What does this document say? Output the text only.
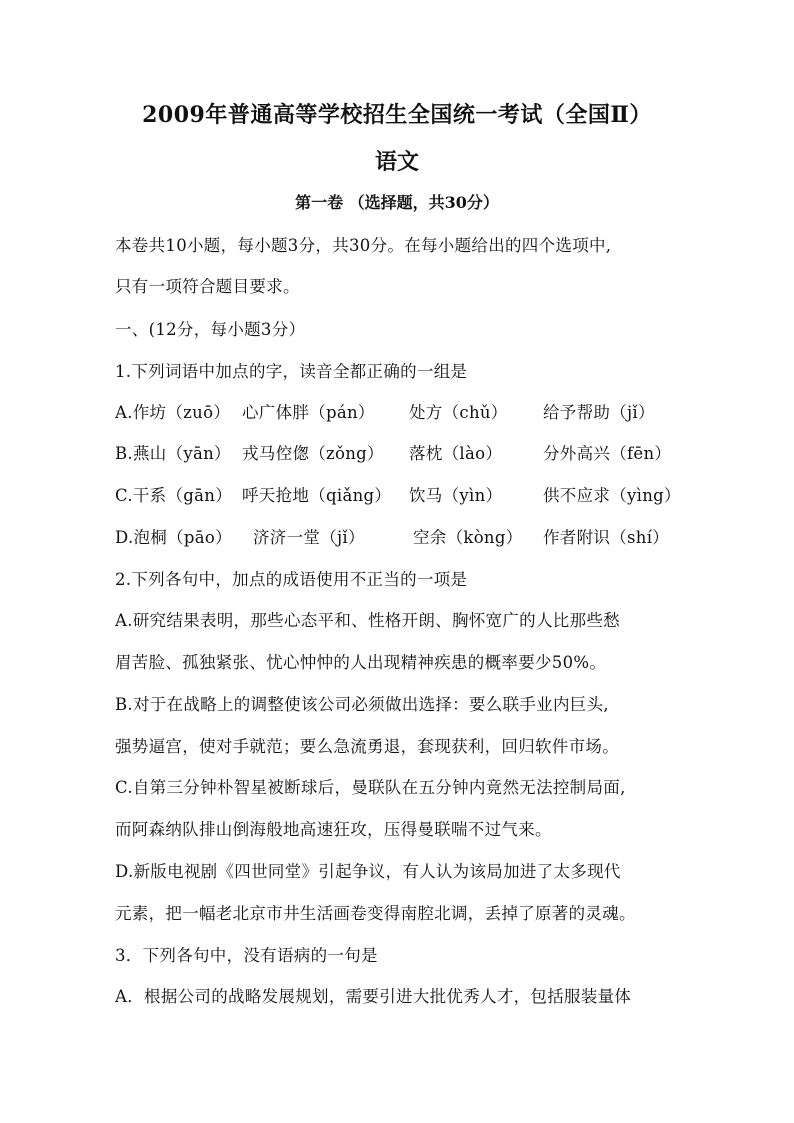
2009年普通高等学校招生全国统一考试（全国Ⅱ）
语文
第一卷 （选择题，共30分）
本卷共10小题，每小题3分，共30分。在每小题给出的四个选项中,
只有一项符合题目要求。
一、(12分，每小题3分）
1.下列词语中加点的字，读音全都正确的一组是
A.作坊（zuō） 心广体胖（pán） 处方（chǔ） 给予帮助（jǐ）
B.燕山（yān） 戎马倥偬（zǒng） 落枕（lào） 分外高兴（fēn）
C.干系（gān） 呼天抢地（qiǎng） 饮马（yìn） 供不应求（yìng）
D.泡桐（pāo） 济济一堂（jǐ）	空余（kòng） 作者附识（shí）
2.下列各句中，加点的成语使用不正当的一项是
A.研究结果表明，那些心态平和、性格开朗、胸怀宽广的人比那些愁
眉苦脸、孤独紧张、忧心忡忡的人出现精神疾患的概率要少50%。
B.对于在战略上的调整使该公司必须做出选择：要么联手业内巨头,
强势逼宫，使对手就范；要么急流勇退，套现获利，回归软件市场。
C.自第三分钟朴智星被断球后，曼联队在五分钟内竟然无法控制局面,
而阿森纳队排山倒海般地高速狂攻，压得曼联喘不过气来。
D.新版电视剧《四世同堂》引起争议，有人认为该局加进了太多现代
元素，把一幅老北京市井生活画卷变得南腔北调，丢掉了原著的灵魂。
3．下列各句中，没有语病的一句是
A．根据公司的战略发展规划，需要引进大批优秀人才，包括服装量体
